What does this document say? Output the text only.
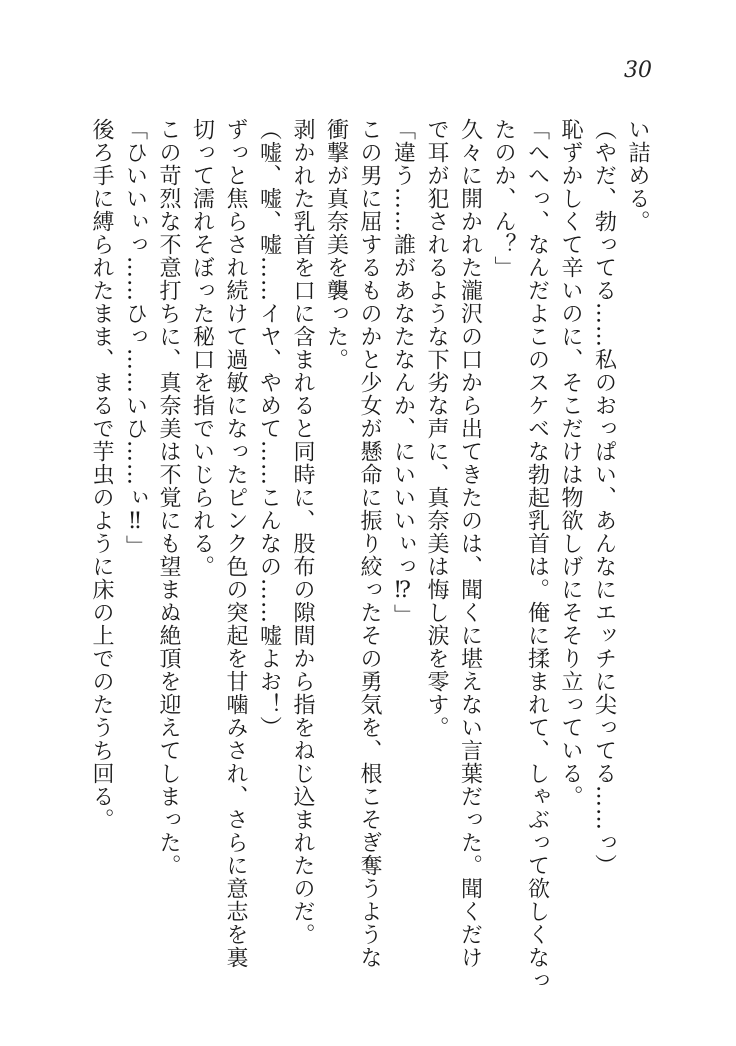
30
い詰める。
（やだ、勃ってる……私のおっぱい、あんなにエッチに尖ってる……っ）
恥ずかしくて辛いのに、そこだけは物欲しげにそそり立っている。
「へへっ、なんだよこのスケベな勃起乳首は。俺に揉まれて、しゃぶって欲しくなっ
たのか、ん？」
久々に開かれた瀧沢の口から出てきたのは、聞くに堪えない言葉だった。聞くだけ
で耳が犯されるような下劣な声に、真奈美は悔し涙を零す。
「違う……誰があなたなんか、にいいいぃっ⁉」
この男に屈するものかと少女が懸命に振り絞ったその勇気を、根こそぎ奪うような
衝撃が真奈美を襲った。
剥かれた乳首を口に含まれると同時に、股布の隙間から指をねじ込まれたのだ。
（嘘、嘘、嘘……イヤ、やめて……こんなの……嘘よお！）
ずっと焦らされ続けて過敏になったピンク色の突起を甘噛みされ、さらに意志を裏
切って濡れそぼった秘口を指でいじられる。
この苛烈な不意打ちに、真奈美は不覚にも望まぬ絶頂を迎えてしまった。
「ひいいぃっ……ひっ……いひ……ぃ‼」
後ろ手に縛られたまま、まるで芋虫のように床の上でのたうち回る。
